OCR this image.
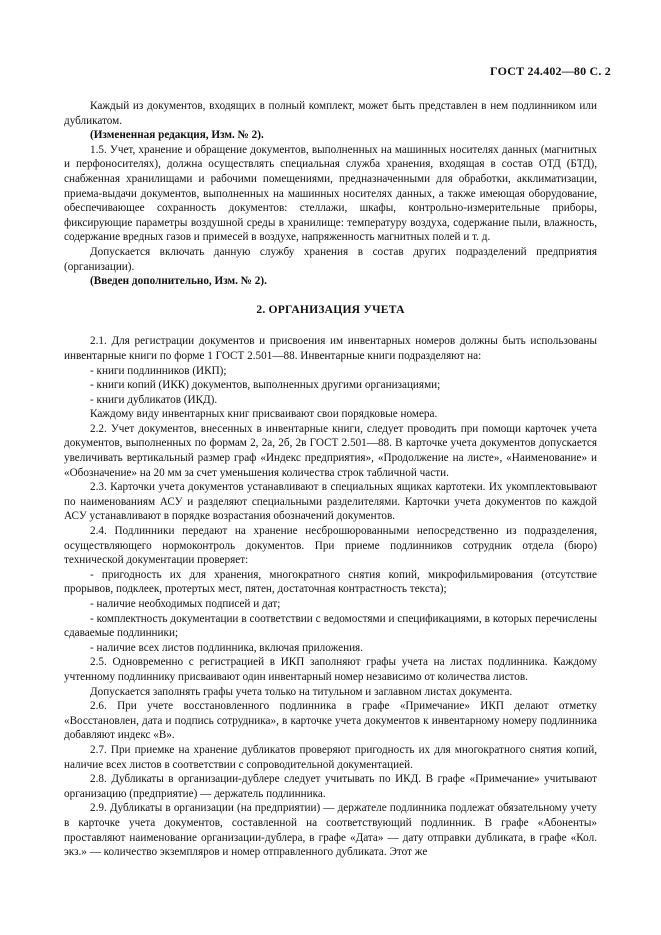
ГОСТ 24.402—80 С. 2

Каждый из документов, входящих в полный комплект, может быть представлен в нем подлинником или дубликатом.

(Измененная редакция, Изм. № 2).

1.5. Учет, хранение и обращение документов, выполненных на машинных носителях данных (магнитных и перфоносителях), должна осуществлять специальная служба хранения, входящая в состав ОТД (БТД), снабженная хранилищами и рабочими помещениями, предназначенными для обработки, акклиматизации, приема-выдачи документов, выполненных на машинных носителях данных, а также имеющая оборудование, обеспечивающее сохранность документов: стеллажи, шкафы, контрольно-измерительные приборы, фиксирующие параметры воздушной среды в хранилище: температуру воздуха, содержание пыли, влажность, содержание вредных газов и примесей в воздухе, напряженность магнитных полей и т. д.

Допускается включать данную службу хранения в состав других подразделений предприятия (организации).

(Введен дополнительно, Изм. № 2).

2. ОРГАНИЗАЦИЯ УЧЕТА

2.1. Для регистрации документов и присвоения им инвентарных номеров должны быть использованы инвентарные книги по форме 1 ГОСТ 2.501—88. Инвентарные книги подразделяют на:

- книги подлинников (ИКП);

- книги копий (ИКК) документов, выполненных другими организациями;

- книги дубликатов (ИКД).

Каждому виду инвентарных книг присваивают свои порядковые номера.

2.2. Учет документов, внесенных в инвентарные книги, следует проводить при помощи карточек учета документов, выполненных по формам 2, 2а, 2б, 2в ГОСТ 2.501—88. В карточке учета документов допускается увеличивать вертикальный размер граф «Индекс предприятия», «Продолжение на листе», «Наименование» и «Обозначение» на 20 мм за счет уменьшения количества строк табличной части.

2.3. Карточки учета документов устанавливают в специальных ящиках картотеки. Их укомплектовывают по наименованиям АСУ и разделяют специальными разделителями. Карточки учета документов по каждой АСУ устанавливают в порядке возрастания обозначений документов.

2.4. Подлинники передают на хранение несброшюрованными непосредственно из подразделения, осуществляющего нормоконтроль документов. При приеме подлинников сотрудник отдела (бюро) технической документации проверяет:

- пригодность их для хранения, многократного снятия копий, микрофильмирования (отсутствие прорывов, подклеек, протертых мест, пятен, достаточная контрастность текста);

- наличие необходимых подписей и дат;

- комплектность документации в соответствии с ведомостями и спецификациями, в которых перечислены сдаваемые подлинники;

- наличие всех листов подлинника, включая приложения.

2.5. Одновременно с регистрацией в ИКП заполняют графы учета на листах подлинника. Каждому учтенному подлиннику присваивают один инвентарный номер независимо от количества листов.

Допускается заполнять графы учета только на титульном и заглавном листах документа.

2.6. При учете восстановленного подлинника в графе «Примечание» ИКП делают отметку «Восстановлен, дата и подпись сотрудника», в карточке учета документов к инвентарному номеру подлинника добавляют индекс «В».

2.7. При приемке на хранение дубликатов проверяют пригодность их для многократного снятия копий, наличие всех листов в соответствии с сопроводительной документацией.

2.8. Дубликаты в организации-дублере следует учитывать по ИКД. В графе «Примечание» учитывают организацию (предприятие) — держатель подлинника.

2.9. Дубликаты в организации (на предприятии) — держателе подлинника подлежат обязательному учету в карточке учета документов, составленной на соответствующий подлинник. В графе «Абоненты» проставляют наименование организации-дублера, в графе «Дата» — дату отправки дубликата, в графе «Кол. экз.» — количество экземпляров и номер отправленного дубликата. Этот же
